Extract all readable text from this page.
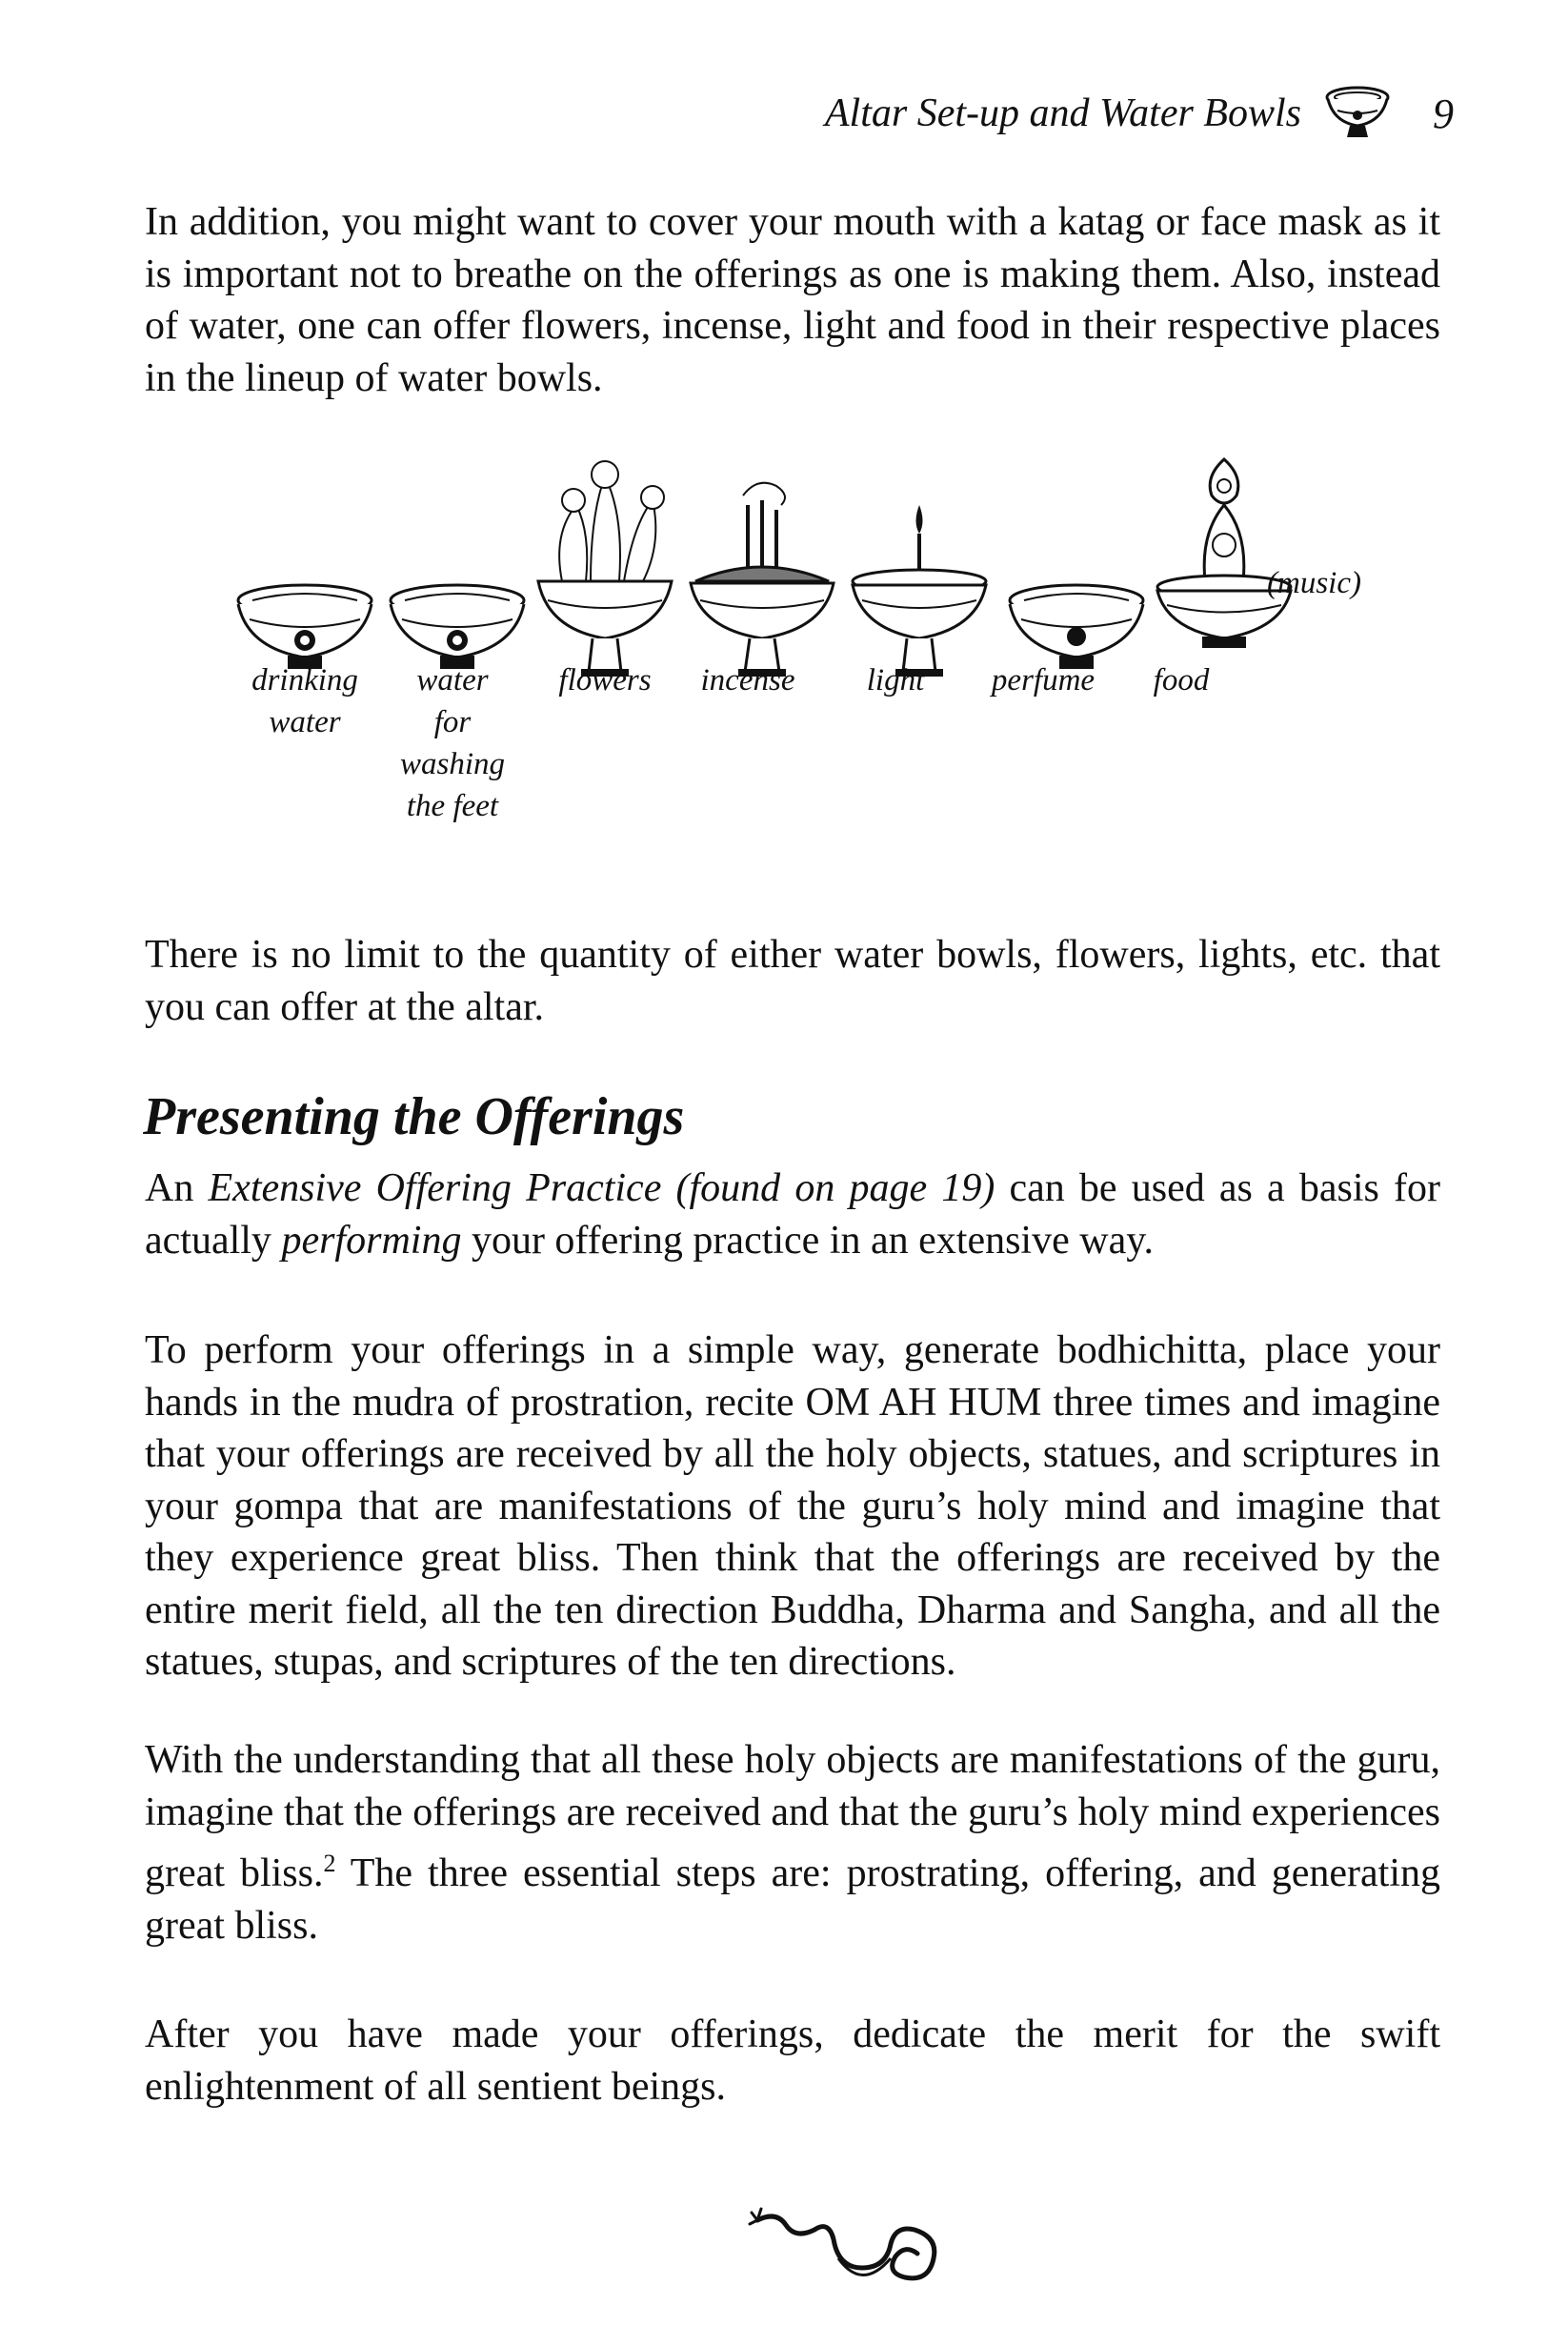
Altar Set-up and Water Bowls	9

In addition, you might want to cover your mouth with a katag or face mask as it is important not to breathe on the offerings as one is making them. Also, instead of water, one can offer flowers, incense, light and food in their respective places in the lineup of water bowls.

(music)
drinking water
water for washing the feet
flowers	incense	light	perfume	food

There is no limit to the quantity of either water bowls, flowers, lights, etc. that you can offer at the altar.

Presenting the Offerings

An Extensive Offering Practice (found on page 19) can be used as a basis for actually performing your offering practice in an extensive way.

To perform your offerings in a simple way, generate bodhichitta, place your hands in the mudra of prostration, recite OM AH HUM three times and imagine that your offerings are received by all the holy objects, statues, and scriptures in your gompa that are manifestations of the guru’s holy mind and imagine that they experience great bliss. Then think that the offerings are received by the entire merit field, all the ten direction Buddha, Dharma and Sangha, and all the statues, stupas, and scriptures of the ten directions.

With the understanding that all these holy objects are manifestations of the guru, imagine that the offerings are received and that the guru’s holy mind experiences great bliss.$^2$ The three essential steps are: prostrating, offering, and generating great bliss.

After you have made your offerings, dedicate the merit for the swift enlightenment of all sentient beings.
